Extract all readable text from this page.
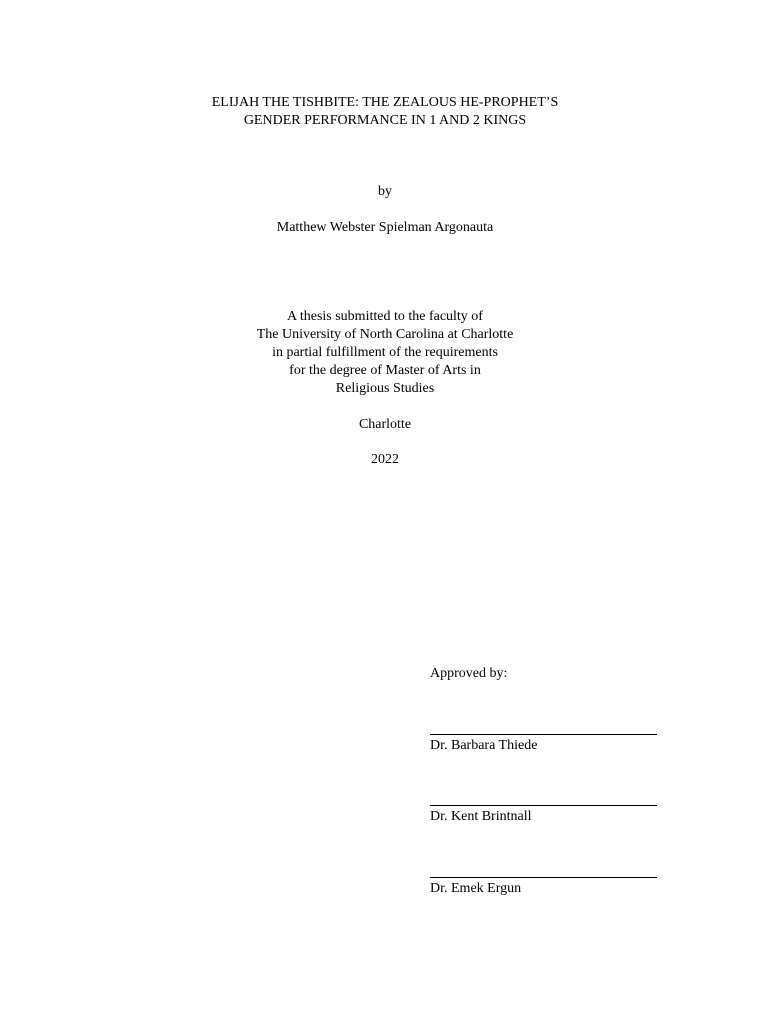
ELIJAH THE TISHBITE: THE ZEALOUS HE-PROPHET’S
GENDER PERFORMANCE IN 1 AND 2 KINGS
by
Matthew Webster Spielman Argonauta
A thesis submitted to the faculty of
The University of North Carolina at Charlotte
in partial fulfillment of the requirements
for the degree of Master of Arts in
Religious Studies
Charlotte
2022
Approved by:
Dr. Barbara Thiede
Dr. Kent Brintnall
Dr. Emek Ergun
